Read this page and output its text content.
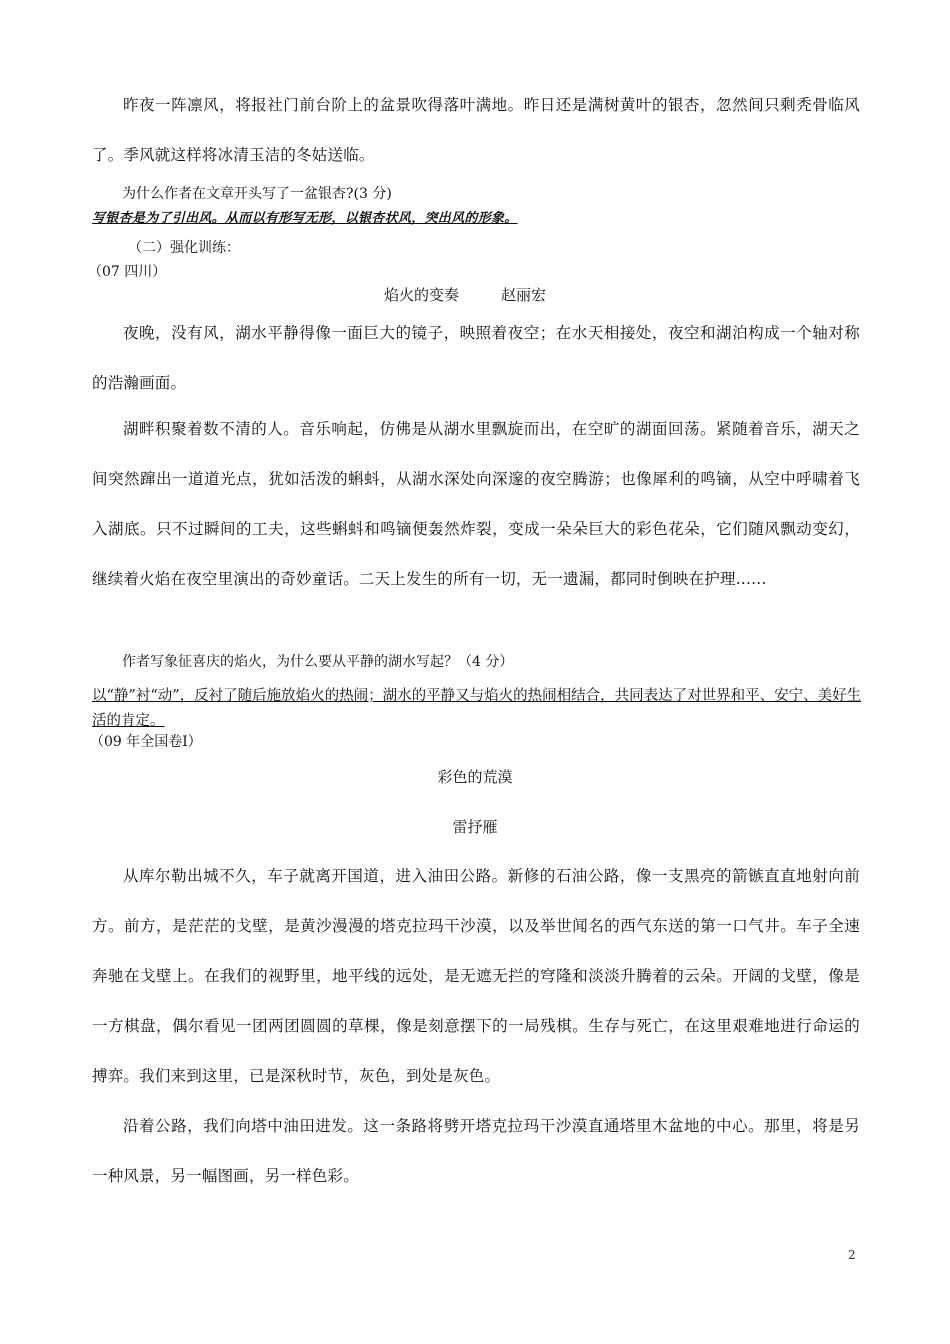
昨夜一阵凛风，将报社门前台阶上的盆景吹得落叶满地。昨日还是满树黄叶的银杏，忽然间只剩秃骨临风了。季风就这样将冰清玉洁的冬姑送临。

为什么作者在文章开头写了一盆银杏?(3 分)

写银杏是为了引出风。从而以有形写无形，以银杏状风，突出风的形象。

（二）强化训练：

（07 四川）

焰火的变奏	赵丽宏

夜晚，没有风，湖水平静得像一面巨大的镜子，映照着夜空；在水天相接处，夜空和湖泊构成一个轴对称的浩瀚画面。

湖畔积聚着数不清的人。音乐响起，仿佛是从湖水里飘旋而出，在空旷的湖面回荡。紧随着音乐，湖天之间突然蹿出一道道光点，犹如活泼的蝌蚪，从湖水深处向深邃的夜空腾游；也像犀利的鸣镝，从空中呼啸着飞入湖底。只不过瞬间的工夫，这些蝌蚪和鸣镝便轰然炸裂，变成一朵朵巨大的彩色花朵，它们随风飘动变幻，继续着火焰在夜空里演出的奇妙童话。二天上发生的所有一切，无一遗漏，都同时倒映在护理......

作者写象征喜庆的焰火，为什么要从平静的湖水写起？（4 分）

以“静”衬“动”，反衬了随后施放焰火的热闹；湖水的平静又与焰火的热闹相结合，共同表达了对世界和平、安宁、美好生活的肯定。

（09 年全国卷Ⅰ）

彩色的荒漠

雷抒雁

从库尔勒出城不久，车子就离开国道，进入油田公路。新修的石油公路，像一支黑亮的箭镞直直地射向前方。前方，是茫茫的戈壁，是黄沙漫漫的塔克拉玛干沙漠，以及举世闻名的西气东送的第一口气井。车子全速奔驰在戈壁上。在我们的视野里，地平线的远处，是无遮无拦的穹隆和淡淡升腾着的云朵。开阔的戈壁，像是一方棋盘，偶尔看见一团两团圆圆的草棵，像是刻意摆下的一局残棋。生存与死亡，在这里艰难地进行命运的搏弈。我们来到这里，已是深秋时节，灰色，到处是灰色。

沿着公路，我们向塔中油田进发。这一条路将劈开塔克拉玛干沙漠直通塔里木盆地的中心。那里，将是另一种风景，另一幅图画，另一样色彩。

2
